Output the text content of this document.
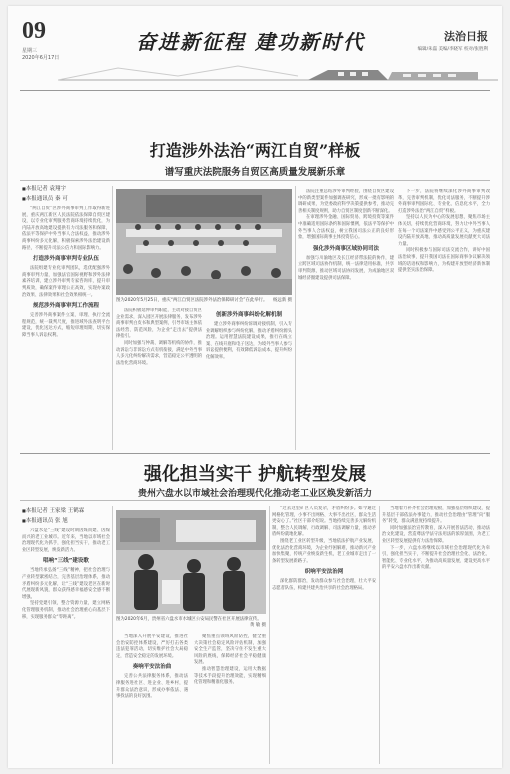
09
星期三
2020年6月17日
奋进新征程 建功新时代	法治日报
编辑/朱磊 美编/李晓军 校对/张胜利
打造涉外法治“两江自贸”样板
谱写重庆法院服务自贸区高质量发展新乐章
■ 本报记者 袁翔宇
■ 本报通讯员 秦 可

“两江自贸”区涉外商事审判工作取得新进展，重庆两江新区人民法院依法保障自贸区建设，以专业化审判服务营商环境持续优化，为内陆开放高地建设提供有力司法服务和保障，依法平等保护中外当事人合法权益，推动涉外商事纠纷多元化解，积极探索涉外法治建设新路径，不断提升司法公信力和国际影响力。

打造涉外商事审判专业队伍

法院组建专业化审判团队，选优配强涉外商事审判力量，加强法官国际视野和涉外法律素养培训，建立涉外审判专家咨询库，提升审判质效，确保案件审理公正高效，实现办案政治效果、法律效果和社会效果相统一。

规范涉外商事审判工作流程

完善涉外商事案件立案、审理、执行全流程规范，统一裁判尺度，推进域外法查明平台建设，优化送达方式，缩短审理周期，切实保障当事人诉讼权利。

图为2020年5月25日，重庆“两江自贸区法院涉外法治保障研讨会”在此举行。 杨远新 摄

法院积极延伸审判职能，主动对接自贸区企业需求，深入园区开展法律服务，发布涉外商事审判白皮书和典型案例，引导市场主体依法经营、防范风险，为企业“走出去”提供法律指引。

同时加强与仲裁、调解等机构的协作，推动诉讼与非诉讼方式有机衔接，满足中外当事人多元化纠纷解决需求，营造稳定公平透明的法治化营商环境。

创新涉外商事纠纷化解机制

建立涉外商事纠纷诉调对接机制，引入专业调解组织参与纠纷化解，推动矛盾纠纷源头治理。运用智慧法院建设成果，推行在线立案、在线开庭和电子送达，为境外当事人参与诉讼提供便利，有效降低诉讼成本，提升纠纷化解效率。

法院注重总结涉外审判经验，围绕自贸区建设中的新类型案件加强调查研究，形成一批有影响的调研成果，为党委政府科学决策提供参考，推动完善相关制度规则，助力自贸区制度创新不断深化。

在审理涉外金融、国际贸易、跨境投资等案件中准确适用国际条约和国际惯例，依法平等保护中外当事人合法权益，树立我国司法公正的良好形象，增强国际商事主体投资信心。

强化涉外商事区域协同司法

加强与川渝地区及长江经济带法院的协作，建立跨区域司法协作机制，统一法律适用标准，共享审判资源，推动区域司法协同发展，为成渝地区双城经济圈建设提供司法保障。

下一步，法院将继续深化涉外商事审判改革，完善审判机制，优化司法服务，不断提升涉外商事审判国际化、专业化、信息化水平，全力打造涉外法治“两江自贸”样板。

坚持以人民为中心的发展思想，聚焦市场主体关切，持续优化营商环境，努力让中外当事人在每一个司法案件中感受到公平正义，为重庆建设内陆开放高地、推动高质量发展贡献更大司法力量。

同时积极参与国际司法交流合作，讲好中国法治故事，提升我国司法在国际商事争议解决领域的话语权和影响力，为构建开放型经济新体制提供坚实法治保障。

强化担当实干 护航转型发展
贵州六盘水以市域社会治理现代化推动老工业区焕发新活力
■ 本报记者 王家梁 王鹤霖
■ 本报通讯员 张 旭

六盘水是“三线”建设时期因煤而建、因煤而兴的老工业城市。近年来，当地以市域社会治理现代化为抓手，强化担当实干，推动老工业区转型发展，焕发新活力。

唱响“三线”建设歌

当地传承弘扬“三线”精神，把社会治理与产业转型紧密结合，完善基层治理体系，推动矛盾纠纷多元化解，让“三线”建设老区在新时代展现新风貌，群众获得感幸福感安全感不断增强。

坚持党建引领，整合资源力量，建立网格化管理服务机制，推动社会治理重心向基层下移，实现服务群众“零距离”。	图为2020年6月，贵州省六盘水市水城区公安局民警在社区开展法律宣传。
黄 敏 摄

当地深入开展平安建设，推进社会治安防控体系建设，严厉打击各类违法犯罪活动，切实维护社会大局稳定，营造安全稳定的发展环境。

奏响平安法治曲

完善公共法律服务体系，推动法律服务进社区、进企业、进乡村，提升群众法治意识，形成办事依法、遇事找法的良好氛围。

聚焦重点领域风险防控，健全重大决策社会稳定风险评估机制，加强安全生产监管，坚决守住不发生重大风险的底线，保障经济社会平稳健康发展。

推动智慧治理建设，运用大数据等技术手段提升治理效能，实现精细化管理和精准化服务。

“过去这里矿区人员复杂，矛盾纠纷多。如今通过网格化管理，小事不出网格、大事不出社区，群众生活更安心了。”社区干部介绍说。当地持续完善多元解纷机制，整合人民调解、行政调解、司法调解力量，推动矛盾纠纷就地化解。

围绕老工业区转型升级，当地依法护航产业发展，优化法治化营商环境，为企业纾困解难，推动新兴产业加快集聚，传统产业焕发新生机，老工业城市走出了一条转型发展新路子。

织响平安法治网

深化群防群治，发动群众参与社会治理，壮大平安志愿者队伍，构建共建共治共享的社会治理格局。

当地着力补齐社会治理短板，加强基层组织建设，提升基层干部依法办事能力，推动社会治理由“管理”向“服务”转变，群众满意度持续提升。

同时加强法治宣传教育，深入开展普法活动，推动法治文化建设，营造尊法学法守法用法的浓厚氛围，为老工业区转型发展提供有力法治保障。

下一步，六盘水将继续以市域社会治理现代化为牵引，强化担当实干，不断提升社会治理社会化、法治化、智能化、专业化水平，为推动高质量发展、建设更高水平的平安六盘水作出新贡献。
